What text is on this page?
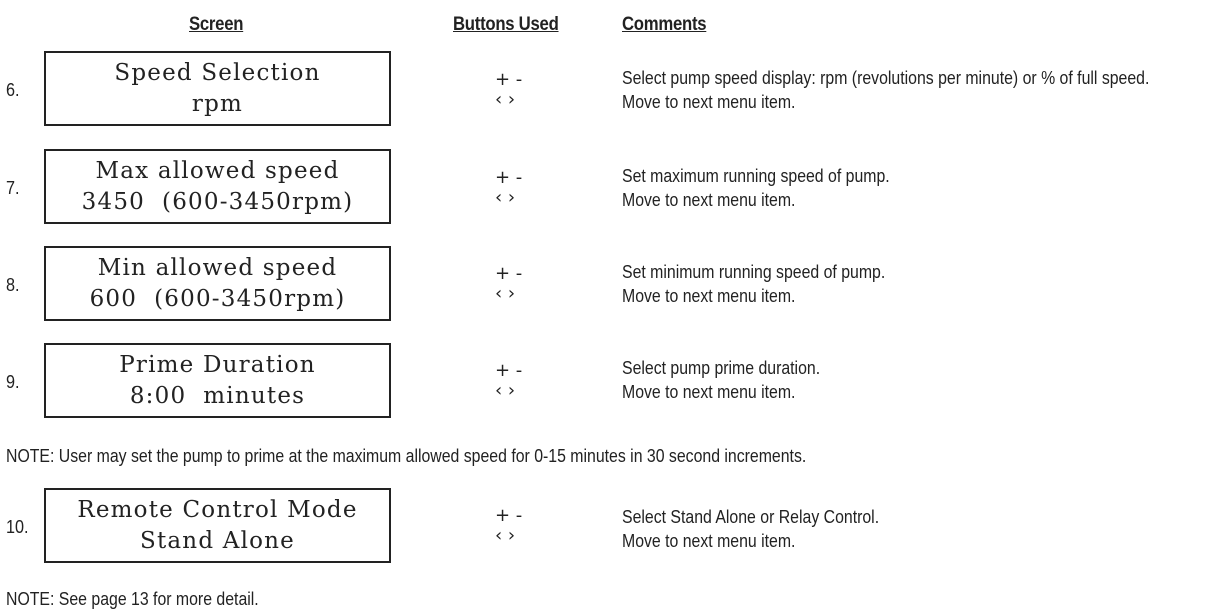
Screen	Buttons Used	Comments
6.
Speed Selection
rpm
+ -
‹ ›
Select pump speed display: rpm (revolutions per minute) or % of full speed.
Move to next menu item.
7.
Max allowed speed
3450  (600-3450rpm)
+ -
‹ ›
Set maximum running speed of pump.
Move to next menu item.
8.
Min allowed speed
600  (600-3450rpm)
+ -
‹ ›
Set minimum running speed of pump.
Move to next menu item.
9.
Prime Duration
8:00  minutes
+ -
‹ ›
Select pump prime duration.
Move to next menu item.
NOTE: User may set the pump to prime at the maximum allowed speed for 0-15 minutes in 30 second increments.
10.
Remote Control Mode
Stand Alone
+ -
‹ ›
Select Stand Alone or Relay Control.
Move to next menu item.
NOTE: See page 13 for more detail.
